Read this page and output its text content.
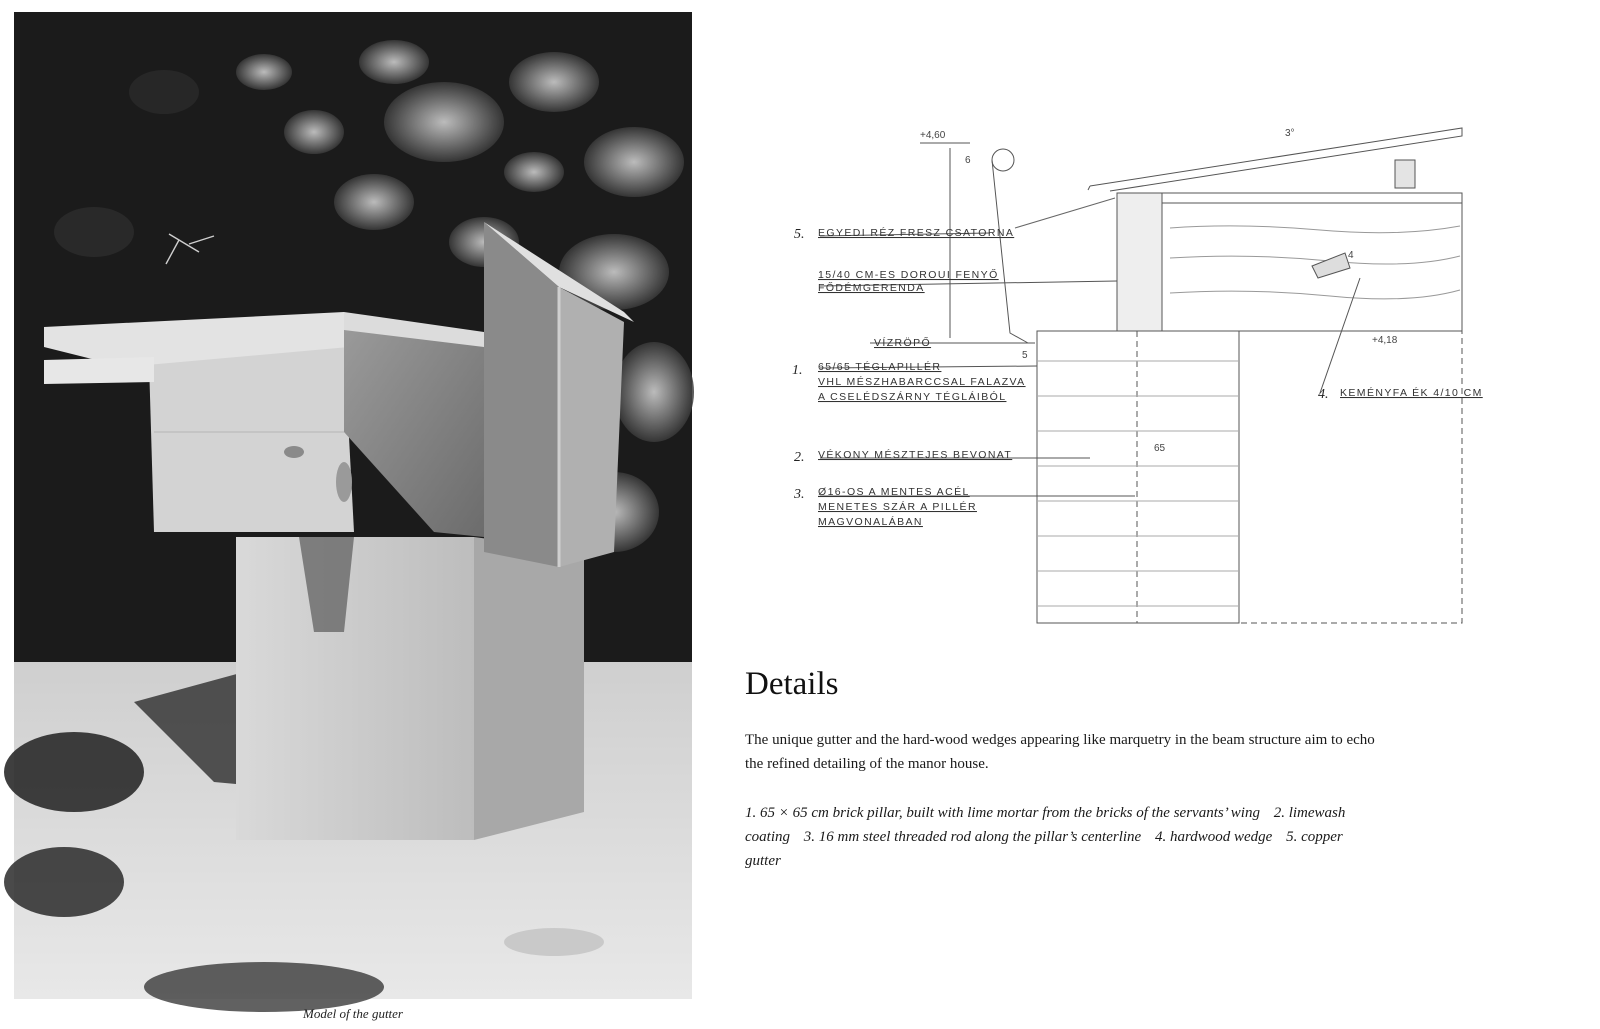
Model of the gutter
+4,60
+4,18
65
3°
5
4
6
5. EGYEDI RÉZ FRESZ CSATORNA
15/40 CM-ES DOROUI FENYŐ
FŐDÉMGERENDA
VÍZRÖPŐ
1. 65/65 TÉGLAPILLÉR
VHL MÉSZHABARCCSAL FALAZVA
A CSELÉDSZÁRNY TÉGLÁIBÓL
2. VÉKONY MÉSZTEJES BEVONAT
3. Ø16-OS A MENTES ACÉL
MENETES SZÁR A PILLÉR
MAGVONALÁBAN
4. KEMÉNYFA ÉK 4/10 CM
Details

The unique gutter and the hard-wood wedges appearing like marquetry in the beam structure aim to echo the refined detailing of the manor house.

1. 65 × 65 cm brick pillar, built with lime mortar from the bricks of the servants’ wing 2. limewash coating 3. 16 mm steel threaded rod along the pillar’s centerline 4. hardwood wedge 5. copper gutter
